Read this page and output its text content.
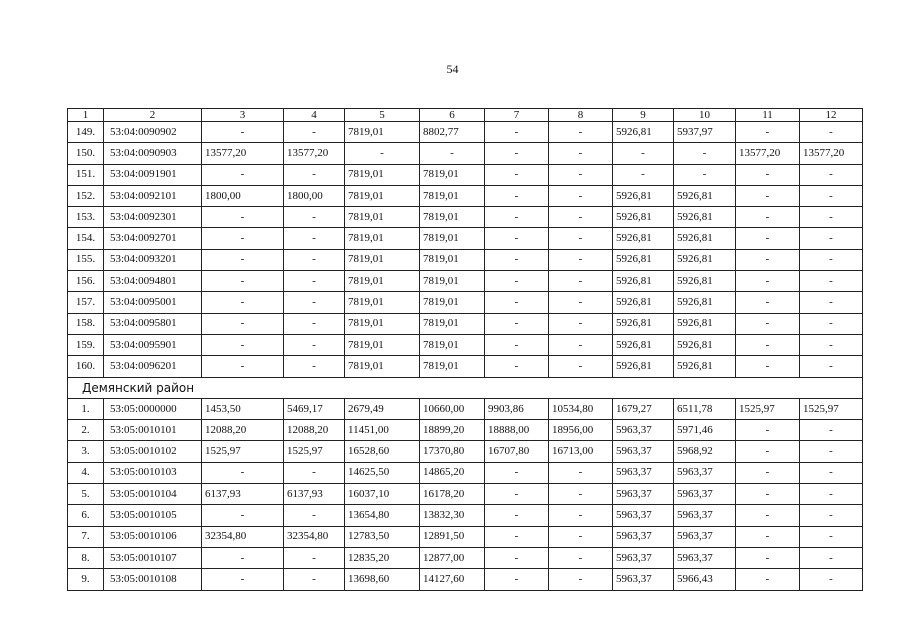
54
1	2	3	4	5	6	7	8	9	10	11	12
149.	53:04:0090902	-	-	7819,01	8802,77	-	-	5926,81	5937,97	-	-
150.	53:04:0090903	13577,20	13577,20	-	-	-	-	-	-	13577,20	13577,20
151.	53:04:0091901	-	-	7819,01	7819,01	-	-	-	-	-	-
152.	53:04:0092101	1800,00	1800,00	7819,01	7819,01	-	-	5926,81	5926,81	-	-
153.	53:04:0092301	-	-	7819,01	7819,01	-	-	5926,81	5926,81	-	-
154.	53:04:0092701	-	-	7819,01	7819,01	-	-	5926,81	5926,81	-	-
155.	53:04:0093201	-	-	7819,01	7819,01	-	-	5926,81	5926,81	-	-
156.	53:04:0094801	-	-	7819,01	7819,01	-	-	5926,81	5926,81	-	-
157.	53:04:0095001	-	-	7819,01	7819,01	-	-	5926,81	5926,81	-	-
158.	53:04:0095801	-	-	7819,01	7819,01	-	-	5926,81	5926,81	-	-
159.	53:04:0095901	-	-	7819,01	7819,01	-	-	5926,81	5926,81	-	-
160.	53:04:0096201	-	-	7819,01	7819,01	-	-	5926,81	5926,81	-	-
Демянский район											
1.	53:05:0000000	1453,50	5469,17	2679,49	10660,00	9903,86	10534,80	1679,27	6511,78	1525,97	1525,97
2.	53:05:0010101	12088,20	12088,20	11451,00	18899,20	18888,00	18956,00	5963,37	5971,46	-	-
3.	53:05:0010102	1525,97	1525,97	16528,60	17370,80	16707,80	16713,00	5963,37	5968,92	-	-
4.	53:05:0010103	-	-	14625,50	14865,20	-	-	5963,37	5963,37	-	-
5.	53:05:0010104	6137,93	6137,93	16037,10	16178,20	-	-	5963,37	5963,37	-	-
6.	53:05:0010105	-	-	13654,80	13832,30	-	-	5963,37	5963,37	-	-
7.	53:05:0010106	32354,80	32354,80	12783,50	12891,50	-	-	5963,37	5963,37	-	-
8.	53:05:0010107	-	-	12835,20	12877,00	-	-	5963,37	5963,37	-	-
9.	53:05:0010108	-	-	13698,60	14127,60	-	-	5963,37	5966,43	-	-
